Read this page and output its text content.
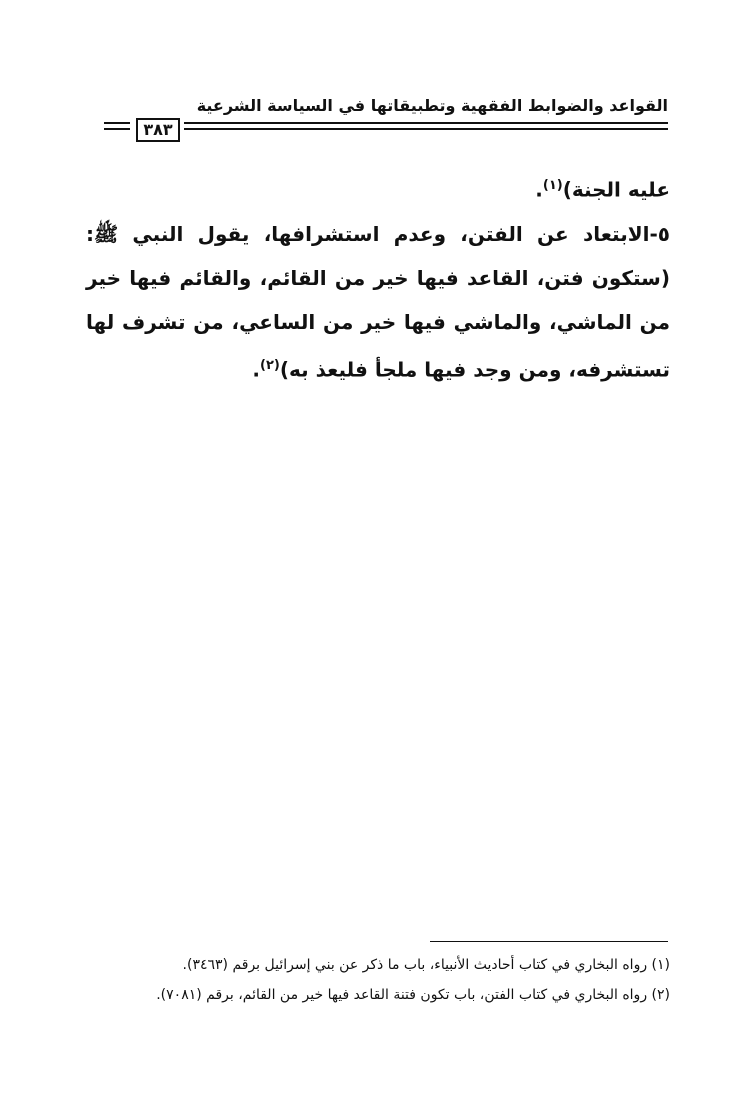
القواعد والضوابط الفقهية وتطبيقاتها في السياسة الشرعية
٣٨٣

عليه الجنة)$^{(١)}$.

٥-الابتعاد عن الفتن، وعدم استشرافها، يقول النبي ﷺ: (ستكون فتن، القاعد فيها خير من القائم، والقائم فيها خير من الماشي، والماشي فيها خير من الساعي، من تشرف لها تستشرفه، ومن وجد فيها ملجأ فليعذ به)$^{(٢)}$.

(١) رواه البخاري في كتاب أحاديث الأنبياء، باب ما ذكر عن بني إسرائيل برقم (٣٤٦٣).
(٢) رواه البخاري في كتاب الفتن، باب تكون فتنة القاعد فيها خير من القائم، برقم (٧٠٨١).
